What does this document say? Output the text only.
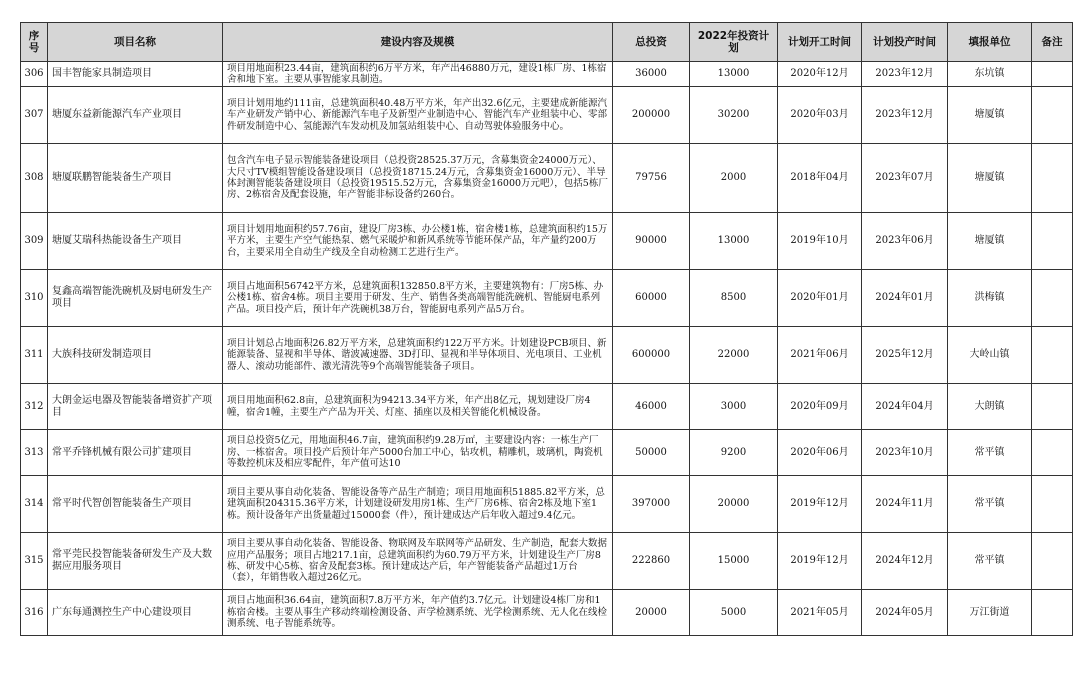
序号	项目名称	建设内容及规模	总投资	2022年投资计划	计划开工时间	计划投产时间	填报单位	备注
306	国丰智能家具制造项目	项目用地面积23.44亩，建筑面积约6万平方米，年产出46880万元，建设1栋厂房、1栋宿舍和地下室。主要从事智能家具制造。	36000	13000	2020年12月	2023年12月	东坑镇	
307	塘厦东益新能源汽车产业项目	项目计划用地约111亩，总建筑面积40.48万平方米，年产出32.6亿元，主要建成新能源汽车产业研发产销中心、新能源汽车电子及新型产业制造中心、智能汽车产业组装中心、零部件研发制造中心、氢能源汽车发动机及加氢站组装中心、自动驾驶体验服务中心。	200000	30200	2020年03月	2023年12月	塘厦镇	
308	塘厦联鹏智能装备生产项目	包含汽车电子显示智能装备建设项目（总投资28525.37万元，含募集资金24000万元）、大尺寸TV模组智能设备建设项目（总投资18715.24万元，含募集资金16000万元）、半导体封测智能装备建设项目（总投资19515.52万元，含募集资金16000万元吧），包括5栋厂房、2栋宿舍及配套设施，年产智能非标设备约260台。	79756	2000	2018年04月	2023年07月	塘厦镇	
309	塘厦艾瑞科热能设备生产项目	项目计划用地面积约57.76亩，建设厂房3栋、办公楼1栋，宿舍楼1栋，总建筑面积约15万平方米，主要生产空气能热泵、燃气采暖炉和新风系统等节能环保产品，年产量约200万台，主要采用全自动生产线及全自动检测工艺进行生产。	90000	13000	2019年10月	2023年06月	塘厦镇	
310	复鑫高端智能洗碗机及厨电研发生产项目	项目占地面积56742平方米，总建筑面积132850.8平方米，主要建筑物有：厂房5栋、办公楼1栋、宿舍4栋。项目主要用于研发、生产、销售各类高端智能洗碗机、智能厨电系列产品。项目投产后，预计年产洗碗机38万台，智能厨电系列产品5万台。	60000	8500	2020年01月	2024年01月	洪梅镇	
311	大族科技研发制造项目	项目计划总占地面积26.82万平方米，总建筑面积约122万平方米。计划建设PCB项目、新能源装备、显视和半导体、谐波减速器、3D打印、显视和半导体项目、光电项目、工业机器人、滚动功能部件、激光清洗等9个高端智能装备子项目。	600000	22000	2021年06月	2025年12月	大岭山镇	
312	大朗金运电器及智能装备增资扩产项目	项目用地面积62.8亩，总建筑面积为94213.34平方米，年产出8亿元，规划建设厂房4幢，宿舍1幢，主要生产产品为开关、灯座、插座以及相关智能化机械设备。	46000	3000	2020年09月	2024年04月	大朗镇	
313	常平乔锋机械有限公司扩建项目	项目总投资5亿元，用地面积46.7亩，建筑面积约9.28万㎡，主要建设内容：一栋生产厂房、一栋宿舍。项目投产后预计年产5000台加工中心，钻攻机，精雕机，玻璃机，陶瓷机等数控机床及相应零配件，年产值可达10	50000	9200	2020年06月	2023年10月	常平镇	
314	常平时代智创智能装备生产项目	项目主要从事自动化装备、智能设备等产品生产制造；项目用地面积51885.82平方米，总建筑面积204315.36平方米，计划建设研发用房1栋、生产厂房6栋、宿舍2栋及地下室1栋。预计设备年产出货量超过15000套（件），预计建成达产后年收入超过9.4亿元。	397000	20000	2019年12月	2024年11月	常平镇	
315	常平莞民投智能装备研发生产及大数据应用服务项目	项目主要从事自动化装备、智能设备、物联网及车联网等产品研发、生产制造，配套大数据应用产品服务；项目占地217.1亩，总建筑面积约为60.79万平方米，计划建设生产厂房8栋、研发中心5栋、宿舍及配套3栋。预计建成达产后，年产智能装备产品超过1万台（套），年销售收入超过26亿元。	222860	15000	2019年12月	2024年12月	常平镇	
316	广东每通测控生产中心建设项目	项目占地面积36.64亩，建筑面积7.8万平方米，年产值约3.7亿元。计划建设4栋厂房和1栋宿舍楼。主要从事生产移动终端检测设备、声学检测系统、光学检测系统、无人化在线检测系统、电子智能系统等。	20000	5000	2021年05月	2024年05月	万江街道	
